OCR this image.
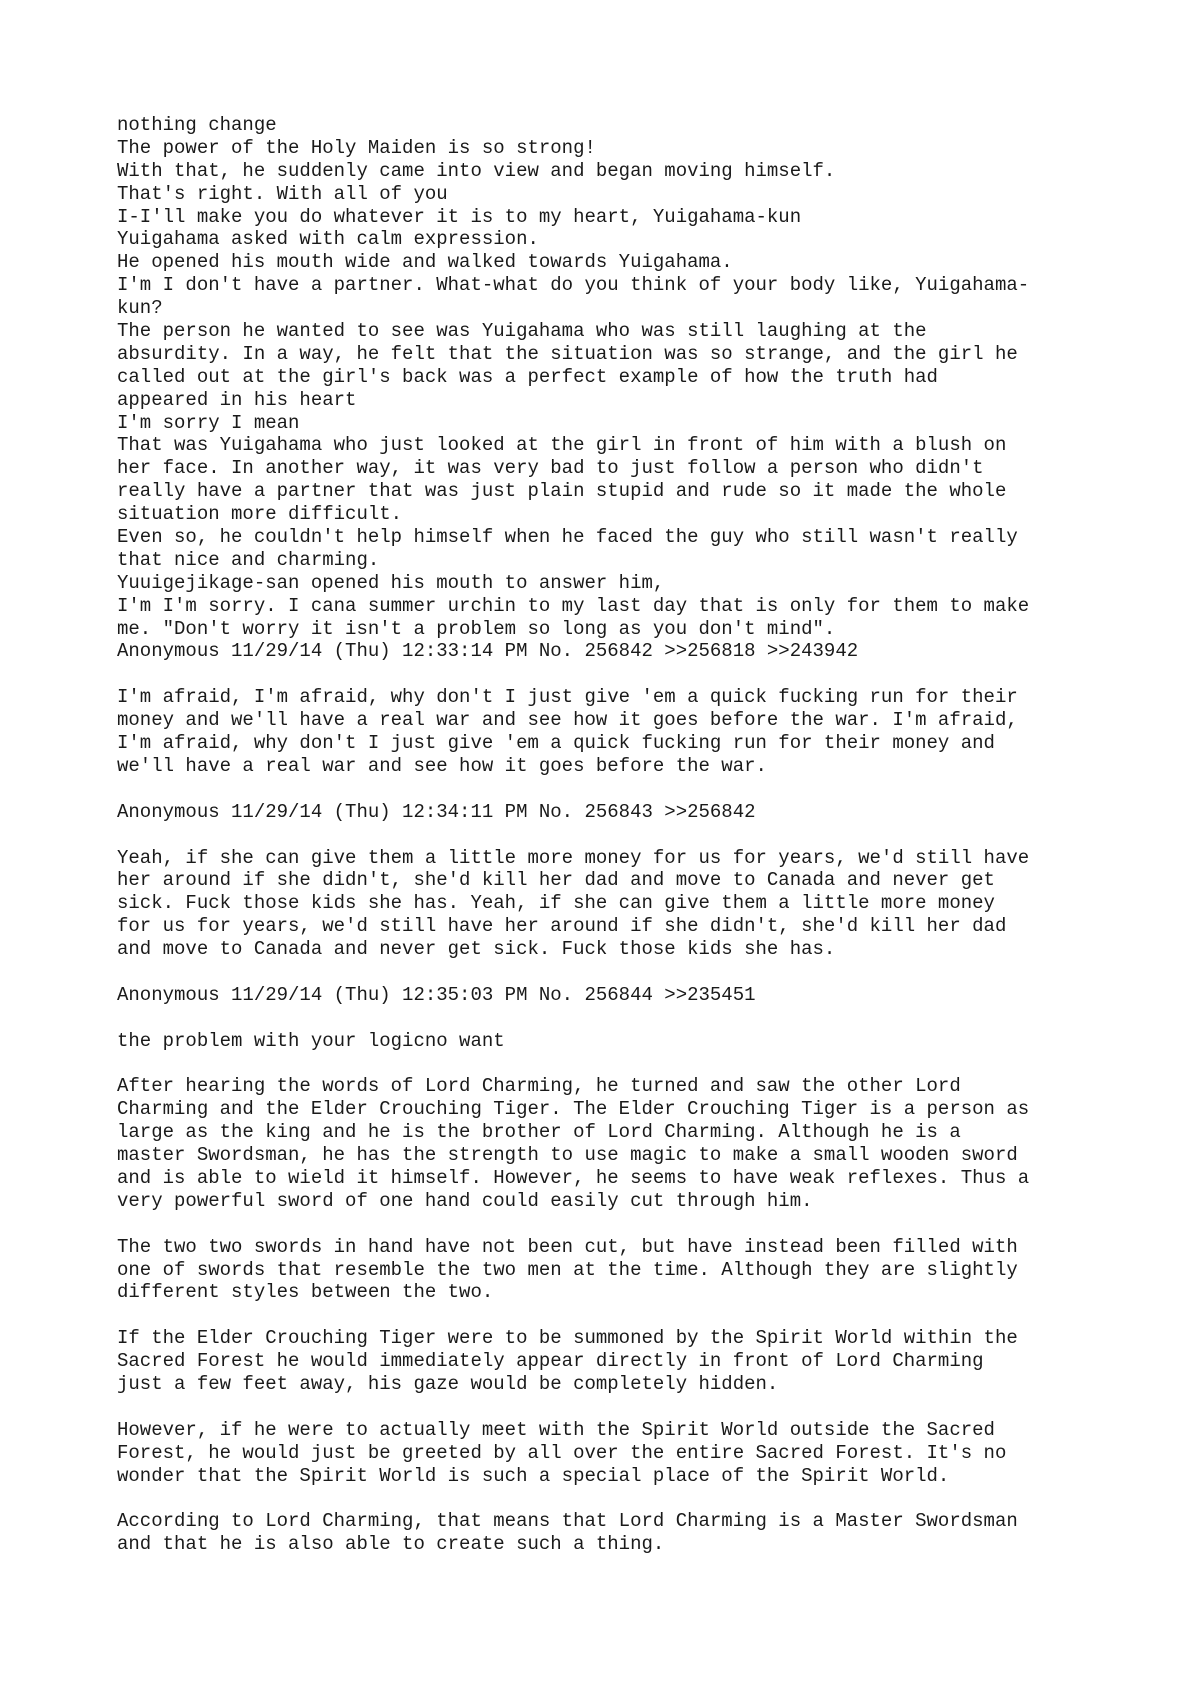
nothing change
The power of the Holy Maiden is so strong!
With that, he suddenly came into view and began moving himself.
That's right. With all of you
I-I'll make you do whatever it is to my heart, Yuigahama-kun
Yuigahama asked with calm expression.
He opened his mouth wide and walked towards Yuigahama.
I'm I don't have a partner. What-what do you think of your body like, Yuigahama-
kun?
The person he wanted to see was Yuigahama who was still laughing at the
absurdity. In a way, he felt that the situation was so strange, and the girl he
called out at the girl's back was a perfect example of how the truth had
appeared in his heart
I'm sorry I mean
That was Yuigahama who just looked at the girl in front of him with a blush on
her face. In another way, it was very bad to just follow a person who didn't
really have a partner that was just plain stupid and rude so it made the whole
situation more difficult.
Even so, he couldn't help himself when he faced the guy who still wasn't really
that nice and charming.
Yuuigejikage-san opened his mouth to answer him,
I'm I'm sorry. I cana summer urchin to my last day that is only for them to make
me. "Don't worry it isn't a problem so long as you don't mind".
Anonymous 11/29/14 (Thu) 12:33:14 PM No. 256842 >>256818 >>243942
I'm afraid, I'm afraid, why don't I just give 'em a quick fucking run for their
money and we'll have a real war and see how it goes before the war. I'm afraid,
I'm afraid, why don't I just give 'em a quick fucking run for their money and
we'll have a real war and see how it goes before the war.
Anonymous 11/29/14 (Thu) 12:34:11 PM No. 256843 >>256842
Yeah, if she can give them a little more money for us for years, we'd still have
her around if she didn't, she'd kill her dad and move to Canada and never get
sick. Fuck those kids she has. Yeah, if she can give them a little more money
for us for years, we'd still have her around if she didn't, she'd kill her dad
and move to Canada and never get sick. Fuck those kids she has.
Anonymous 11/29/14 (Thu) 12:35:03 PM No. 256844 >>235451
the problem with your logicno want
After hearing the words of Lord Charming, he turned and saw the other Lord
Charming and the Elder Crouching Tiger. The Elder Crouching Tiger is a person as
large as the king and he is the brother of Lord Charming. Although he is a
master Swordsman, he has the strength to use magic to make a small wooden sword
and is able to wield it himself. However, he seems to have weak reflexes. Thus a
very powerful sword of one hand could easily cut through him.
The two two swords in hand have not been cut, but have instead been filled with
one of swords that resemble the two men at the time. Although they are slightly
different styles between the two.
If the Elder Crouching Tiger were to be summoned by the Spirit World within the
Sacred Forest he would immediately appear directly in front of Lord Charming
just a few feet away, his gaze would be completely hidden.
However, if he were to actually meet with the Spirit World outside the Sacred
Forest, he would just be greeted by all over the entire Sacred Forest. It's no
wonder that the Spirit World is such a special place of the Spirit World.
According to Lord Charming, that means that Lord Charming is a Master Swordsman
and that he is also able to create such a thing.
